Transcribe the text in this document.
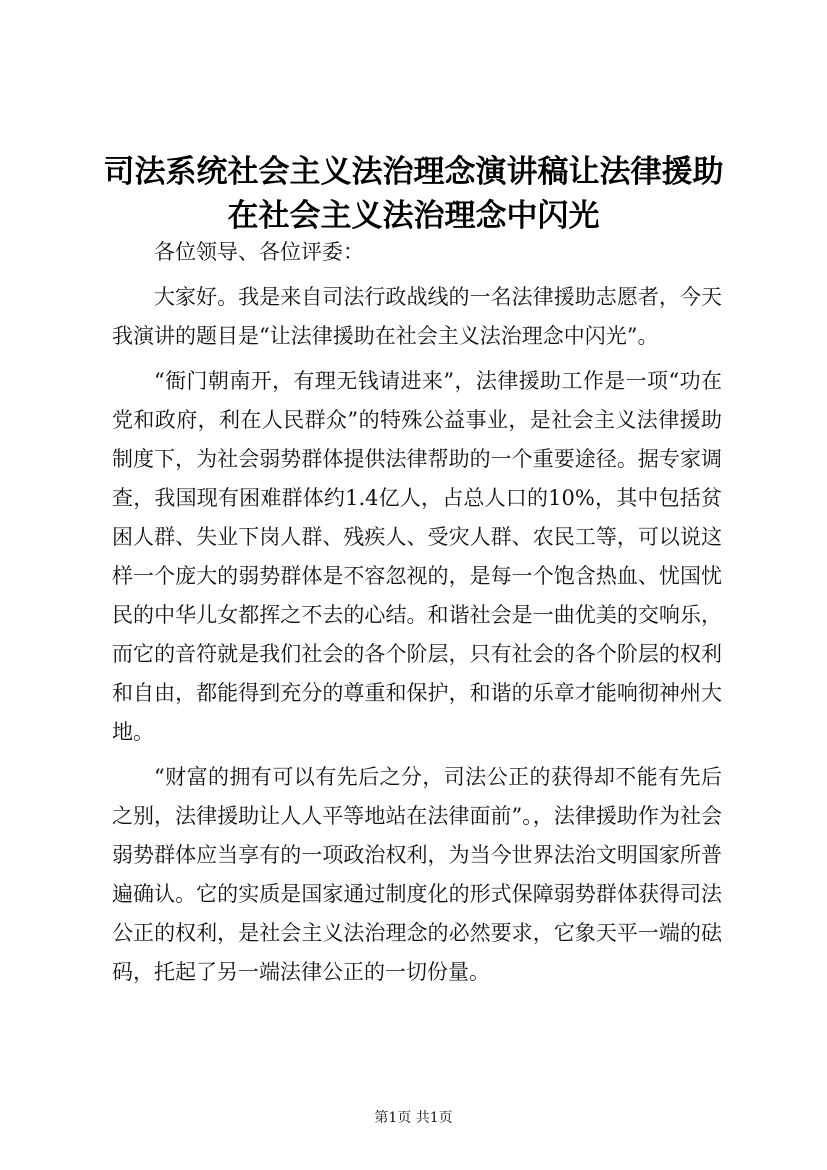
司法系统社会主义法治理念演讲稿让法律援助在社会主义法治理念中闪光

各位领导、各位评委：

大家好。我是来自司法行政战线的一名法律援助志愿者，今天我演讲的题目是“让法律援助在社会主义法治理念中闪光”。

“衙门朝南开，有理无钱请进来”，法律援助工作是一项“功在党和政府，利在人民群众”的特殊公益事业，是社会主义法律援助制度下，为社会弱势群体提供法律帮助的一个重要途径。据专家调查，我国现有困难群体约1.4亿人，占总人口的10%，其中包括贫困人群、失业下岗人群、残疾人、受灾人群、农民工等，可以说这样一个庞大的弱势群体是不容忽视的，是每一个饱含热血、忧国忧民的中华儿女都挥之不去的心结。和谐社会是一曲优美的交响乐，而它的音符就是我们社会的各个阶层，只有社会的各个阶层的权利和自由，都能得到充分的尊重和保护，和谐的乐章才能响彻神州大地。

“财富的拥有可以有先后之分，司法公正的获得却不能有先后之别，法律援助让人人平等地站在法律面前”。，法律援助作为社会弱势群体应当享有的一项政治权利，为当今世界法治文明国家所普遍确认。它的实质是国家通过制度化的形式保障弱势群体获得司法公正的权利，是社会主义法治理念的必然要求，它象天平一端的砝码，托起了另一端法律公正的一切份量。

第1页 共1页
